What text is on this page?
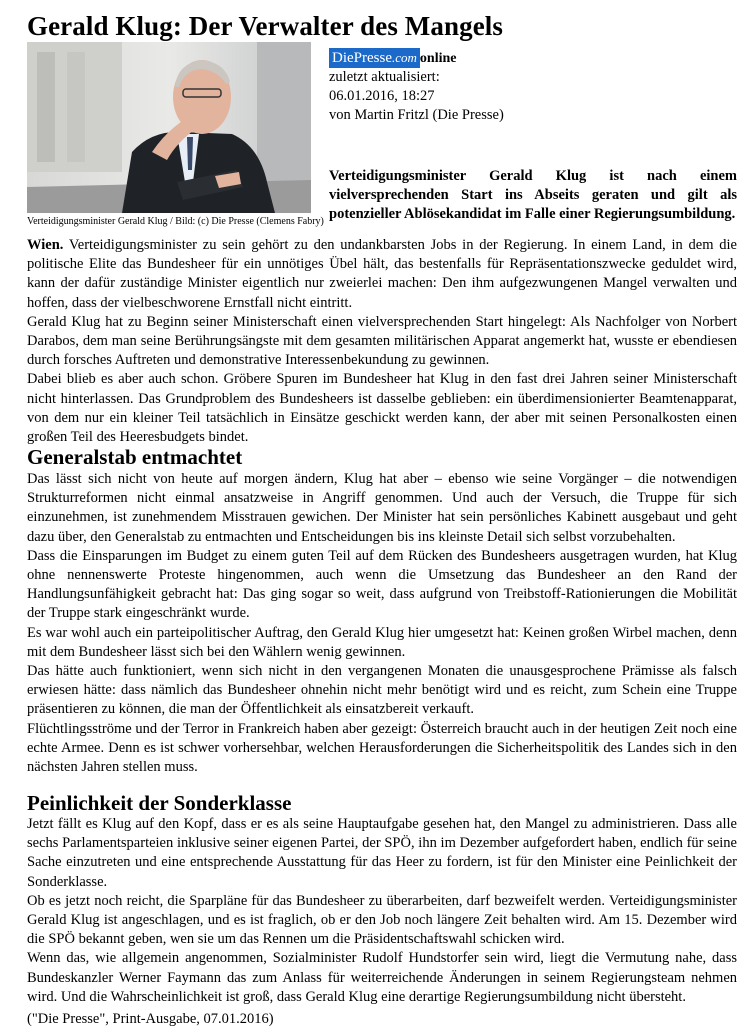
Gerald Klug: Der Verwalter des Mangels
Verteidigungsminister Gerald Klug / Bild: (c) Die Presse (Clemens Fabry)
DiePresse.com online
zuletzt aktualisiert:
06.01.2016, 18:27
von Martin Fritzl (Die Presse)
Verteidigungsminister Gerald Klug ist nach einem vielversprechenden Start ins Abseits geraten und gilt als potenzieller Ablösekandidat im Falle einer Regierungsumbildung.

Wien. Verteidigungsminister zu sein gehört zu den undankbarsten Jobs in der Regierung. In einem Land, in dem die politische Elite das Bundesheer für ein unnötiges Übel hält, das bestenfalls für Repräsentationszwecke geduldet wird, kann der dafür zuständige Minister eigentlich nur zweierlei machen: Den ihm aufgezwungenen Mangel verwalten und hoffen, dass der vielbeschworene Ernstfall nicht eintritt.

Gerald Klug hat zu Beginn seiner Ministerschaft einen vielversprechenden Start hingelegt: Als Nachfolger von Norbert Darabos, dem man seine Berührungsängste mit dem gesamten militärischen Apparat angemerkt hat, wusste er ebendiesen durch forsches Auftreten und demonstrative Interessenbekundung zu gewinnen.

Dabei blieb es aber auch schon. Gröbere Spuren im Bundesheer hat Klug in den fast drei Jahren seiner Ministerschaft nicht hinterlassen. Das Grundproblem des Bundesheers ist dasselbe geblieben: ein überdimensionierter Beamtenapparat, von dem nur ein kleiner Teil tatsächlich in Einsätze geschickt werden kann, der aber mit seinen Personalkosten einen großen Teil des Heeresbudgets bindet.

Generalstab entmachtet

Das lässt sich nicht von heute auf morgen ändern, Klug hat aber – ebenso wie seine Vorgänger – die notwendigen Strukturreformen nicht einmal ansatzweise in Angriff genommen. Und auch der Versuch, die Truppe für sich einzunehmen, ist zunehmendem Misstrauen gewichen. Der Minister hat sein persönliches Kabinett ausgebaut und geht dazu über, den Generalstab zu entmachten und Entscheidungen bis ins kleinste Detail sich selbst vorzubehalten.

Dass die Einsparungen im Budget zu einem guten Teil auf dem Rücken des Bundesheers ausgetragen wurden, hat Klug ohne nennenswerte Proteste hingenommen, auch wenn die Umsetzung das Bundesheer an den Rand der Handlungsunfähigkeit gebracht hat: Das ging sogar so weit, dass aufgrund von Treibstoff-Rationierungen die Mobilität der Truppe stark eingeschränkt wurde.

Es war wohl auch ein parteipolitischer Auftrag, den Gerald Klug hier umgesetzt hat: Keinen großen Wirbel machen, denn mit dem Bundesheer lässt sich bei den Wählern wenig gewinnen.

Das hätte auch funktioniert, wenn sich nicht in den vergangenen Monaten die unausgesprochene Prämisse als falsch erwiesen hätte: dass nämlich das Bundesheer ohnehin nicht mehr benötigt wird und es reicht, zum Schein eine Truppe präsentieren zu können, die man der Öffentlichkeit als einsatzbereit verkauft.

Flüchtlingsströme und der Terror in Frankreich haben aber gezeigt: Österreich braucht auch in der heutigen Zeit noch eine echte Armee. Denn es ist schwer vorhersehbar, welchen Herausforderungen die Sicherheitspolitik des Landes sich in den nächsten Jahren stellen muss.

Peinlichkeit der Sonderklasse

Jetzt fällt es Klug auf den Kopf, dass er es als seine Hauptaufgabe gesehen hat, den Mangel zu administrieren. Dass alle sechs Parlamentsparteien inklusive seiner eigenen Partei, der SPÖ, ihn im Dezember aufgefordert haben, endlich für seine Sache einzutreten und eine entsprechende Ausstattung für das Heer zu fordern, ist für den Minister eine Peinlichkeit der Sonderklasse.

Ob es jetzt noch reicht, die Sparpläne für das Bundesheer zu überarbeiten, darf bezweifelt werden. Verteidigungsminister Gerald Klug ist angeschlagen, und es ist fraglich, ob er den Job noch längere Zeit behalten wird. Am 15. Dezember wird die SPÖ bekannt geben, wen sie um das Rennen um die Präsidentschaftswahl schicken wird.

Wenn das, wie allgemein angenommen, Sozialminister Rudolf Hundstorfer sein wird, liegt die Vermutung nahe, dass Bundeskanzler Werner Faymann das zum Anlass für weiterreichende Änderungen in seinem Regierungsteam nehmen wird. Und die Wahrscheinlichkeit ist groß, dass Gerald Klug eine derartige Regierungsumbildung nicht übersteht.

("Die Presse", Print-Ausgabe, 07.01.2016)
